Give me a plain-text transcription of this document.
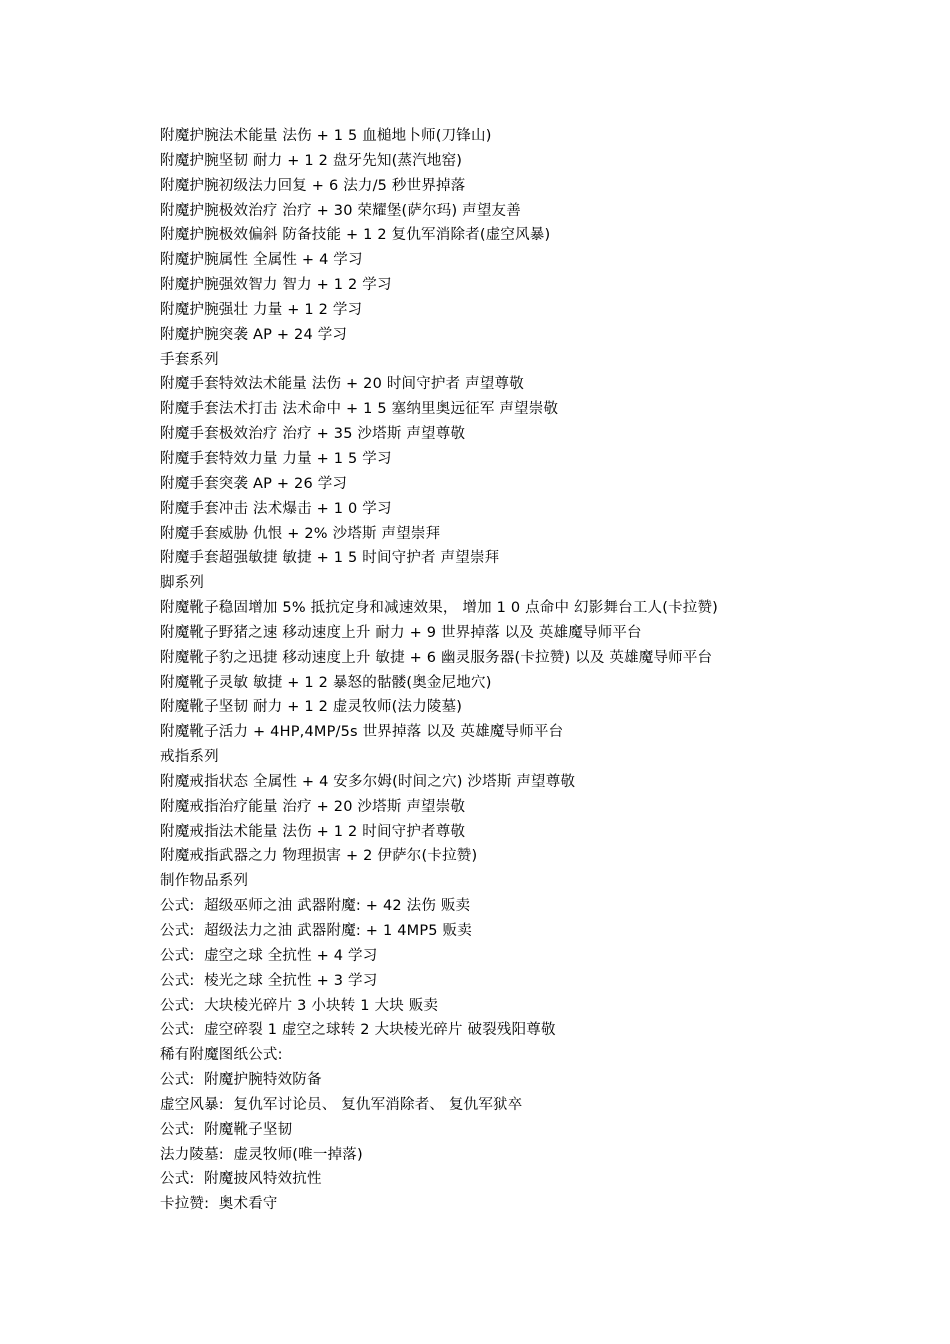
附魔护腕法术能量 法伤 + 1 5 血槌地卜师(刀锋山)
附魔护腕坚韧 耐力 + 1 2 盘牙先知(蒸汽地窑)
附魔护腕初级法力回复 + 6 法力/5 秒世界掉落
附魔护腕极效治疗 治疗 + 30 荣耀堡(萨尔玛) 声望友善
附魔护腕极效偏斜 防备技能 + 1 2 复仇军消除者(虚空风暴)
附魔护腕属性 全属性 + 4 学习
附魔护腕强效智力 智力 + 1 2 学习
附魔护腕强壮 力量 + 1 2 学习
附魔护腕突袭 AP + 24 学习
手套系列
附魔手套特效法术能量 法伤 + 20 时间守护者 声望尊敬
附魔手套法术打击 法术命中 + 1 5 塞纳里奥远征军 声望崇敬
附魔手套极效治疗 治疗 + 35 沙塔斯 声望尊敬
附魔手套特效力量 力量 + 1 5 学习
附魔手套突袭 AP + 26 学习
附魔手套冲击 法术爆击 + 1 0 学习
附魔手套威胁 仇恨 + 2% 沙塔斯 声望崇拜
附魔手套超强敏捷 敏捷 + 1 5 时间守护者 声望崇拜
脚系列
附魔靴子稳固增加 5% 抵抗定身和减速效果， 增加 1 0 点命中 幻影舞台工人(卡拉赞)
附魔靴子野猪之速 移动速度上升 耐力 + 9 世界掉落 以及 英雄魔导师平台
附魔靴子豹之迅捷 移动速度上升 敏捷 + 6 幽灵服务器(卡拉赞) 以及 英雄魔导师平台
附魔靴子灵敏 敏捷 + 1 2 暴怒的骷髅(奥金尼地穴)
附魔靴子坚韧 耐力 + 1 2 虚灵牧师(法力陵墓)
附魔靴子活力 + 4HP,4MP/5s 世界掉落 以及 英雄魔导师平台
戒指系列
附魔戒指状态 全属性 + 4 安多尔姆(时间之穴) 沙塔斯 声望尊敬
附魔戒指治疗能量 治疗 + 20 沙塔斯 声望崇敬
附魔戒指法术能量 法伤 + 1 2 时间守护者尊敬
附魔戒指武器之力 物理损害 + 2 伊萨尔(卡拉赞)
制作物品系列
公式:  超级巫师之油 武器附魔: + 42 法伤 贩卖
公式:  超级法力之油 武器附魔: + 1 4MP5 贩卖
公式:  虚空之球 全抗性 + 4 学习
公式:  棱光之球 全抗性 + 3 学习
公式:  大块棱光碎片 3 小块转 1 大块 贩卖
公式:  虚空碎裂 1 虚空之球转 2 大块棱光碎片 破裂残阳尊敬
稀有附魔图纸公式:
公式:  附魔护腕特效防备
虚空风暴:  复仇军讨论员、 复仇军消除者、 复仇军狱卒
公式:  附魔靴子坚韧
法力陵墓:  虚灵牧师(唯一掉落)
公式:  附魔披风特效抗性
卡拉赞:  奥术看守
